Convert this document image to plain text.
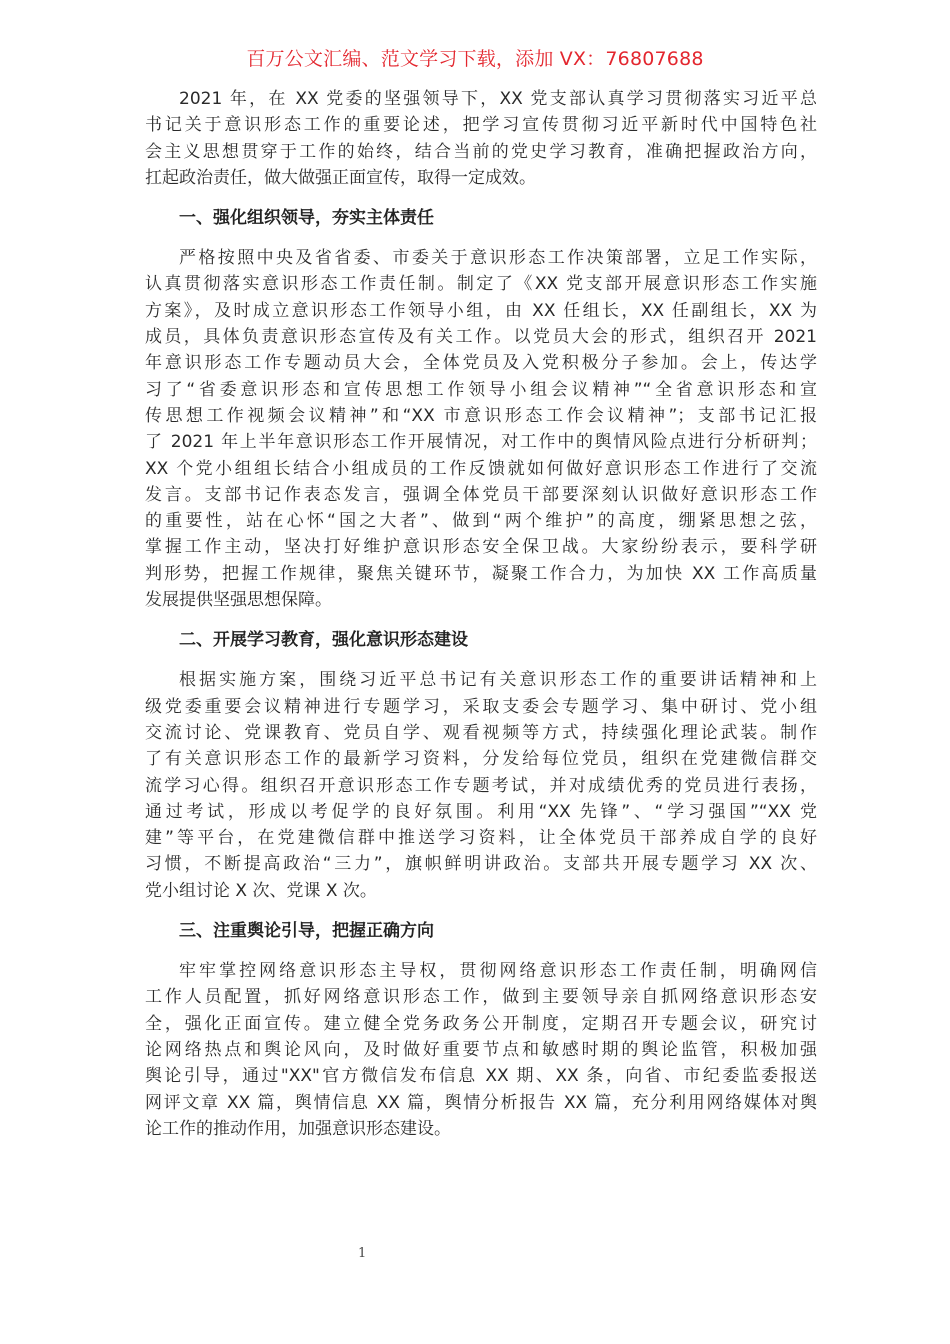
百万公文汇编、范文学习下载，添加 VX：76807688
2021 年，在 XX 党委的坚强领导下，XX 党支部认真学习贯彻落实习近平总
书记关于意识形态工作的重要论述，把学习宣传贯彻习近平新时代中国特色社
会主义思想贯穿于工作的始终，结合当前的党史学习教育，准确把握政治方向，
扛起政治责任，做大做强正面宣传，取得一定成效。
一、强化组织领导，夯实主体责任
严格按照中央及省省委、市委关于意识形态工作决策部署，立足工作实际，
认真贯彻落实意识形态工作责任制。制定了《XX 党支部开展意识形态工作实施
方案》，及时成立意识形态工作领导小组，由 XX 任组长，XX 任副组长，XX 为
成员，具体负责意识形态宣传及有关工作。以党员大会的形式，组织召开 2021
年意识形态工作专题动员大会，全体党员及入党积极分子参加。会上，传达学
习了“省委意识形态和宣传思想工作领导小组会议精神”“全省意识形态和宣
传思想工作视频会议精神”和“XX 市意识形态工作会议精神”；支部书记汇报
了 2021 年上半年意识形态工作开展情况，对工作中的舆情风险点进行分析研判；
XX 个党小组组长结合小组成员的工作反馈就如何做好意识形态工作进行了交流
发言。支部书记作表态发言，强调全体党员干部要深刻认识做好意识形态工作
的重要性，站在心怀“国之大者”、做到“两个维护”的高度，绷紧思想之弦，
掌握工作主动，坚决打好维护意识形态安全保卫战。大家纷纷表示，要科学研
判形势，把握工作规律，聚焦关键环节，凝聚工作合力，为加快 XX 工作高质量
发展提供坚强思想保障。
二、开展学习教育，强化意识形态建设
根据实施方案，围绕习近平总书记有关意识形态工作的重要讲话精神和上
级党委重要会议精神进行专题学习，采取支委会专题学习、集中研讨、党小组
交流讨论、党课教育、党员自学、观看视频等方式，持续强化理论武装。制作
了有关意识形态工作的最新学习资料，分发给每位党员，组织在党建微信群交
流学习心得。组织召开意识形态工作专题考试，并对成绩优秀的党员进行表扬，
通过考试，形成以考促学的良好氛围。利用“XX 先锋”、“学习强国”“XX 党
建”等平台，在党建微信群中推送学习资料，让全体党员干部养成自学的良好
习惯，不断提高政治“三力”，旗帜鲜明讲政治。支部共开展专题学习 XX 次、
党小组讨论 X 次、党课 X 次。
三、注重舆论引导，把握正确方向
牢牢掌控网络意识形态主导权，贯彻网络意识形态工作责任制，明确网信
工作人员配置，抓好网络意识形态工作，做到主要领导亲自抓网络意识形态安
全，强化正面宣传。建立健全党务政务公开制度，定期召开专题会议，研究讨
论网络热点和舆论风向，及时做好重要节点和敏感时期的舆论监管，积极加强
舆论引导，通过"XX"官方微信发布信息 XX 期、XX 条，向省、市纪委监委报送
网评文章 XX 篇，舆情信息 XX 篇，舆情分析报告 XX 篇，充分利用网络媒体对舆
论工作的推动作用，加强意识形态建设。
1
